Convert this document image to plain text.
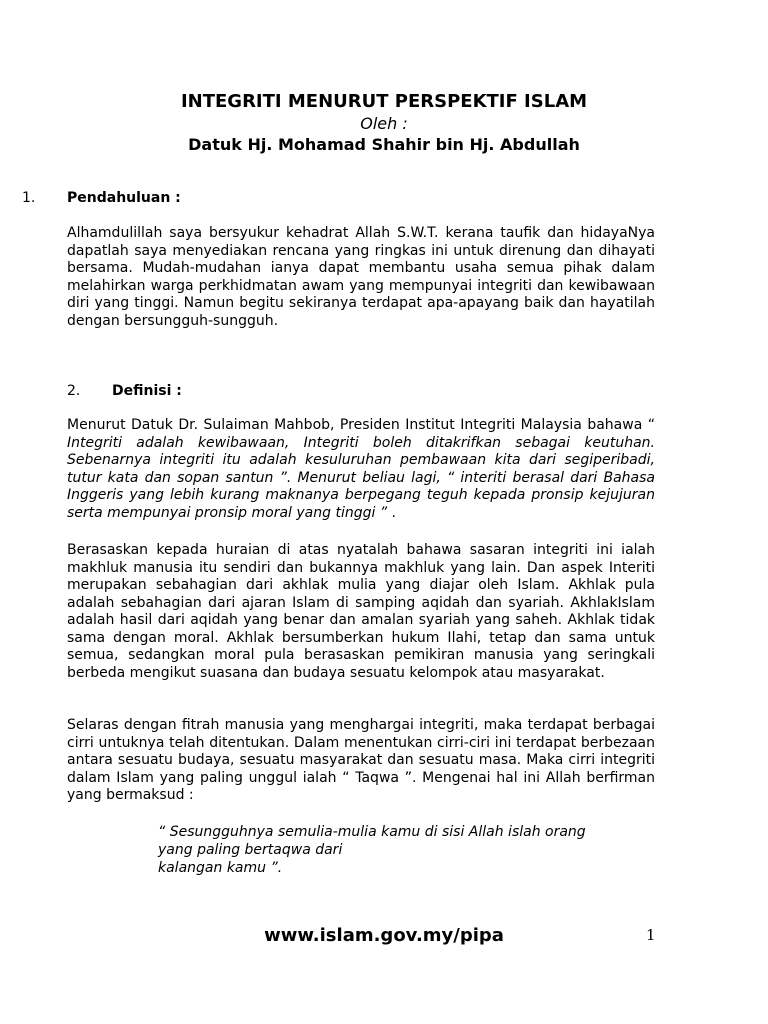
INTEGRITI MENURUT PERSPEKTIF ISLAM
Oleh :
Datuk Hj. Mohamad Shahir bin Hj. Abdullah
1. Pendahuluan :
Alhamdulillah saya bersyukur kehadrat Allah S.W.T. kerana taufik dan hidayaNya dapatlah saya menyediakan rencana yang ringkas ini untuk direnung dan dihayati bersama. Mudah-mudahan ianya dapat membantu usaha semua pihak dalam melahirkan warga perkhidmatan awam yang mempunyai integriti dan kewibawaan diri yang tinggi. Namun begitu sekiranya terdapat apa-apayang baik dan hayatilah dengan bersungguh-sungguh.
2. Definisi :
Menurut Datuk Dr. Sulaiman Mahbob, Presiden Institut Integriti Malaysia bahawa “ Integriti adalah kewibawaan, Integriti boleh ditakrifkan sebagai keutuhan. Sebenarnya integriti itu adalah kesuluruhan pembawaan kita dari segiperibadi, tutur kata dan sopan santun ”. Menurut beliau lagi, “ interiti berasal dari Bahasa Inggeris yang lebih kurang maknanya berpegang teguh kepada pronsip kejujuran serta mempunyai pronsip moral yang tinggi ” .
Berasaskan kepada huraian di atas nyatalah bahawa sasaran integriti ini ialah makhluk manusia itu sendiri dan bukannya makhluk yang lain. Dan aspek Interiti merupakan sebahagian dari akhlak mulia yang diajar oleh Islam. Akhlak pula adalah sebahagian dari ajaran Islam di samping aqidah dan syariah. AkhlakIslam adalah hasil dari aqidah yang benar dan amalan syariah yang saheh. Akhlak tidak sama dengan moral. Akhlak bersumberkan hukum Ilahi, tetap dan sama untuk semua, sedangkan moral pula berasaskan pemikiran manusia yang seringkali berbeda mengikut suasana dan budaya sesuatu kelompok atau masyarakat.
Selaras dengan fitrah manusia yang menghargai integriti, maka terdapat berbagai cirri untuknya telah ditentukan. Dalam menentukan cirri-ciri ini terdapat berbezaan antara sesuatu budaya, sesuatu masyarakat dan sesuatu masa. Maka cirri integriti dalam Islam yang paling unggul ialah “ Taqwa ”. Mengenai hal ini Allah berfirman yang bermaksud :
“ Sesungguhnya semulia-mulia kamu di sisi Allah islah orang
yang paling bertaqwa dari
kalangan kamu ”.
www.islam.gov.my/pipa	1
